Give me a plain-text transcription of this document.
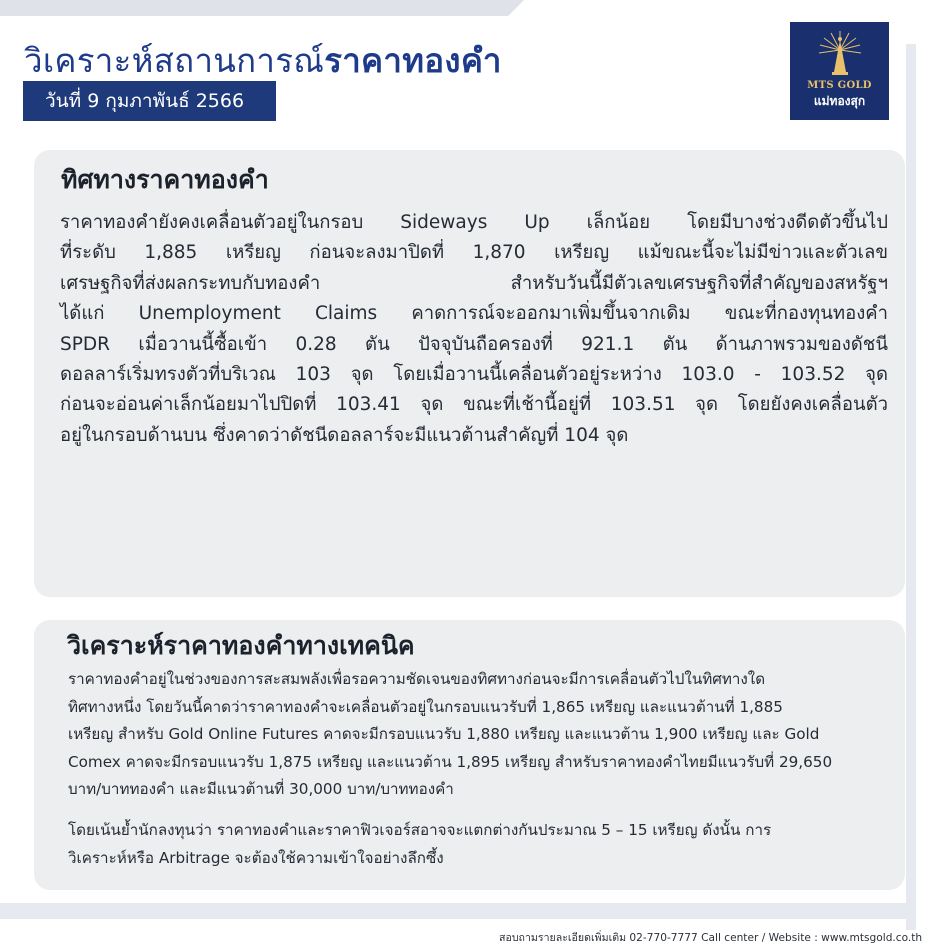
วิเคราะห์สถานการณ์ราคาทองคำ
วันที่ 9 กุมภาพันธ์ 2566
MTS GOLD
แม่ทองสุก
ทิศทางราคาทองคำ
ราคาทองคำยังคงเคลื่อนตัวอยู่ในกรอบ Sideways Up เล็กน้อย โดยมีบางช่วงดีดตัวขึ้นไป
ที่ระดับ 1,885 เหรียญ ก่อนจะลงมาปิดที่ 1,870 เหรียญ แม้ขณะนี้จะไม่มีข่าวและตัวเลข
เศรษฐกิจที่ส่งผลกระทบกับทองคำ สำหรับวันนี้มีตัวเลขเศรษฐกิจที่สำคัญของสหรัฐฯ
ได้แก่ Unemployment Claims คาดการณ์จะออกมาเพิ่มขึ้นจากเดิม ขณะที่กองทุนทองคำ
SPDR เมื่อวานนี้ซื้อเข้า 0.28 ตัน ปัจจุบันถือครองที่ 921.1 ตัน ด้านภาพรวมของดัชนี
ดอลลาร์เริ่มทรงตัวที่บริเวณ 103 จุด โดยเมื่อวานนี้เคลื่อนตัวอยู่ระหว่าง 103.0 - 103.52 จุด
ก่อนจะอ่อนค่าเล็กน้อยมาไปปิดที่ 103.41 จุด ขณะที่เช้านี้อยู่ที่ 103.51 จุด โดยยังคงเคลื่อนตัว
อยู่ในกรอบด้านบน ซึ่งคาดว่าดัชนีดอลลาร์จะมีแนวต้านสำคัญที่ 104 จุด
วิเคราะห์ราคาทองคำทางเทคนิค
ราคาทองคำอยู่ในช่วงของการสะสมพลังเพื่อรอความชัดเจนของทิศทางก่อนจะมีการเคลื่อนตัวไปในทิศทางใด
ทิศทางหนึ่ง โดยวันนี้คาดว่าราคาทองคำจะเคลื่อนตัวอยู่ในกรอบแนวรับที่ 1,865 เหรียญ และแนวต้านที่ 1,885
เหรียญ สำหรับ Gold Online Futures คาดจะมีกรอบแนวรับ 1,880 เหรียญ และแนวต้าน 1,900 เหรียญ และ Gold
Comex คาดจะมีกรอบแนวรับ 1,875 เหรียญ และแนวต้าน 1,895 เหรียญ สำหรับราคาทองคำไทยมีแนวรับที่ 29,650
บาท/บาททองคำ และมีแนวต้านที่ 30,000 บาท/บาททองคำ
โดยเน้นย้ำนักลงทุนว่า ราคาทองคำและราคาฟิวเจอร์สอาจจะแตกต่างกันประมาณ 5 – 15 เหรียญ ดังนั้น การ
วิเคราะห์หรือ Arbitrage จะต้องใช้ความเข้าใจอย่างลึกซึ้ง
สอบถามรายละเอียดเพิ่มเติม 02-770-7777 Call center / Website : www.mtsgold.co.th
